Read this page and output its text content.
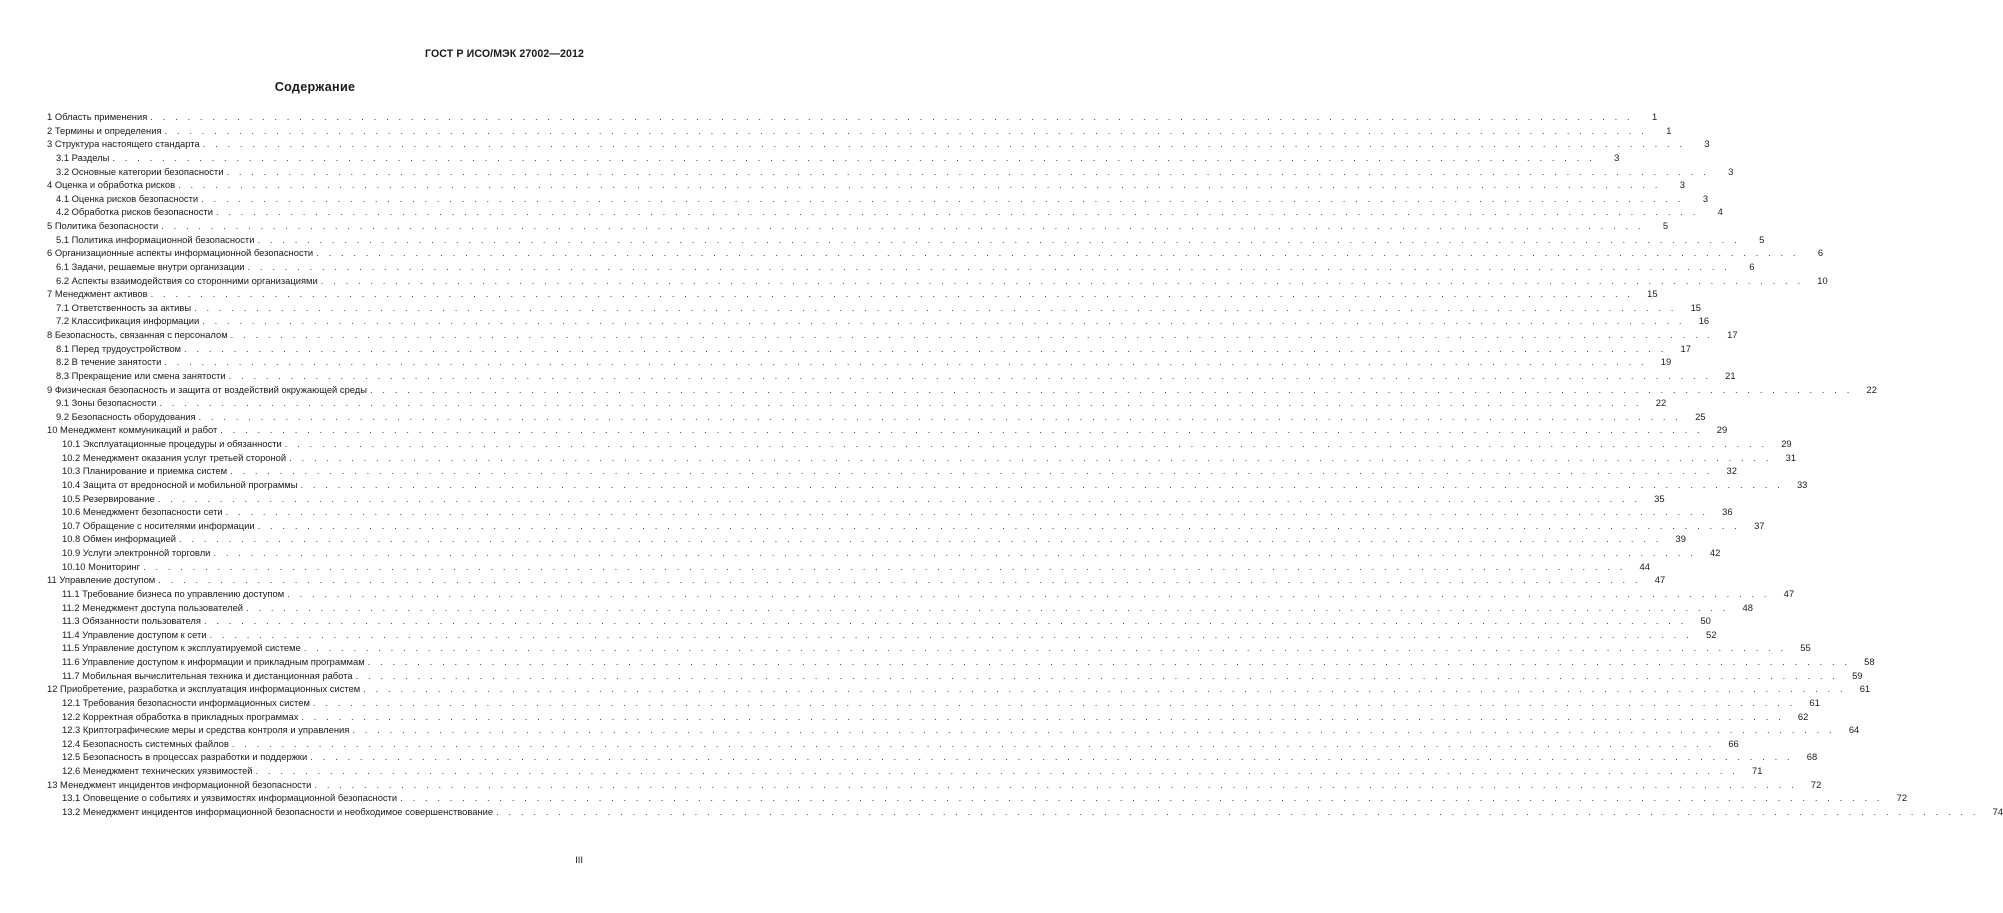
ГОСТ Р ИСО/МЭК 27002—2012
Содержание
1 Область применения . . . . . . . . . . . . . . . . . . . . . . . . . . . . . . . . . . . . . . . . . . . . . . . . . . . . . . . . . . . . . . . . . . . . . . . . . . . . . . . . . . . . . . . . . . . . . . . . . . . . . . . . . . . . . . . . . . . . . . . .	1
2 Термины и определения . . . . . . . . . . . . . . . . . . . . . . . . . . . . . . . . . . . . . . . . . . . . . . . . . . . . . . . . . . . . . . . . . . . . . . . . . . . . . . . . . . . . . . . . . . . . . . . . . . . . . . . . . . . . . . . . . . . . . . . .	1
3 Структура настоящего стандарта . . . . . . . . . . . . . . . . . . . . . . . . . . . . . . . . . . . . . . . . . . . . . . . . . . . . . . . . . . . . . . . . . . . . . . . . . . . . . . . . . . . . . . . . . . . . . . . . . . . . . . . . . . . . . . . . . . . . . . . .	3
3.1 Разделы . . . . . . . . . . . . . . . . . . . . . . . . . . . . . . . . . . . . . . . . . . . . . . . . . . . . . . . . . . . . . . . . . . . . . . . . . . . . . . . . . . . . . . . . . . . . . . . . . . . . . . . . . . . . . . . . . . . . . . . .	3
3.2 Основные категории безопасности . . . . . . . . . . . . . . . . . . . . . . . . . . . . . . . . . . . . . . . . . . . . . . . . . . . . . . . . . . . . . . . . . . . . . . . . . . . . . . . . . . . . . . . . . . . . . . . . . . . . . . . . . . . . . . . . . . . . . . . .	3
4 Оценка и обработка рисков . . . . . . . . . . . . . . . . . . . . . . . . . . . . . . . . . . . . . . . . . . . . . . . . . . . . . . . . . . . . . . . . . . . . . . . . . . . . . . . . . . . . . . . . . . . . . . . . . . . . . . . . . . . . . . . . . . . . . . . .	3
4.1 Оценка рисков безопасности . . . . . . . . . . . . . . . . . . . . . . . . . . . . . . . . . . . . . . . . . . . . . . . . . . . . . . . . . . . . . . . . . . . . . . . . . . . . . . . . . . . . . . . . . . . . . . . . . . . . . . . . . . . . . . . . . . . . . . . .	3
4.2 Обработка рисков безопасности . . . . . . . . . . . . . . . . . . . . . . . . . . . . . . . . . . . . . . . . . . . . . . . . . . . . . . . . . . . . . . . . . . . . . . . . . . . . . . . . . . . . . . . . . . . . . . . . . . . . . . . . . . . . . . . . . . . . . . . .	4
5 Политика безопасности . . . . . . . . . . . . . . . . . . . . . . . . . . . . . . . . . . . . . . . . . . . . . . . . . . . . . . . . . . . . . . . . . . . . . . . . . . . . . . . . . . . . . . . . . . . . . . . . . . . . . . . . . . . . . . . . . . . . . . . .	5
5.1 Политика информационной безопасности . . . . . . . . . . . . . . . . . . . . . . . . . . . . . . . . . . . . . . . . . . . . . . . . . . . . . . . . . . . . . . . . . . . . . . . . . . . . . . . . . . . . . . . . . . . . . . . . . . . . . . . . . . . . . . . . . . . . . . . .	5
6 Организационные аспекты информационной безопасности . . . . . . . . . . . . . . . . . . . . . . . . . . . . . . . . . . . . . . . . . . . . . . . . . . . . . . . . . . . . . . . . . . . . . . . . . . . . . . . . . . . . . . . . . . . . . . . . . . . . . . . . . . . . . . . . . . . . . . . .	6
6.1 Задачи, решаемые внутри организации . . . . . . . . . . . . . . . . . . . . . . . . . . . . . . . . . . . . . . . . . . . . . . . . . . . . . . . . . . . . . . . . . . . . . . . . . . . . . . . . . . . . . . . . . . . . . . . . . . . . . . . . . . . . . . . . . . . . . . . .	6
6.2 Аспекты взаимодействия со сторонними организациями . . . . . . . . . . . . . . . . . . . . . . . . . . . . . . . . . . . . . . . . . . . . . . . . . . . . . . . . . . . . . . . . . . . . . . . . . . . . . . . . . . . . . . . . . . . . . . . . . . . . . . . . . . . . . . . . . . . . . . . .	10
7 Менеджмент активов . . . . . . . . . . . . . . . . . . . . . . . . . . . . . . . . . . . . . . . . . . . . . . . . . . . . . . . . . . . . . . . . . . . . . . . . . . . . . . . . . . . . . . . . . . . . . . . . . . . . . . . . . . . . . . . . . . . . . . . .	15
7.1 Ответственность за активы . . . . . . . . . . . . . . . . . . . . . . . . . . . . . . . . . . . . . . . . . . . . . . . . . . . . . . . . . . . . . . . . . . . . . . . . . . . . . . . . . . . . . . . . . . . . . . . . . . . . . . . . . . . . . . . . . . . . . . . .	15
7.2 Классификация информации . . . . . . . . . . . . . . . . . . . . . . . . . . . . . . . . . . . . . . . . . . . . . . . . . . . . . . . . . . . . . . . . . . . . . . . . . . . . . . . . . . . . . . . . . . . . . . . . . . . . . . . . . . . . . . . . . . . . . . . .	16
8 Безопасность, связанная с персоналом . . . . . . . . . . . . . . . . . . . . . . . . . . . . . . . . . . . . . . . . . . . . . . . . . . . . . . . . . . . . . . . . . . . . . . . . . . . . . . . . . . . . . . . . . . . . . . . . . . . . . . . . . . . . . . . . . . . . . . . .	17
8.1 Перед трудоустройством . . . . . . . . . . . . . . . . . . . . . . . . . . . . . . . . . . . . . . . . . . . . . . . . . . . . . . . . . . . . . . . . . . . . . . . . . . . . . . . . . . . . . . . . . . . . . . . . . . . . . . . . . . . . . . . . . . . . . . . .	17
8.2 В течение занятости . . . . . . . . . . . . . . . . . . . . . . . . . . . . . . . . . . . . . . . . . . . . . . . . . . . . . . . . . . . . . . . . . . . . . . . . . . . . . . . . . . . . . . . . . . . . . . . . . . . . . . . . . . . . . . . . . . . . . . . .	19
8.3 Прекращение или смена занятости . . . . . . . . . . . . . . . . . . . . . . . . . . . . . . . . . . . . . . . . . . . . . . . . . . . . . . . . . . . . . . . . . . . . . . . . . . . . . . . . . . . . . . . . . . . . . . . . . . . . . . . . . . . . . . . . . . . . . . . .	21
9 Физическая безопасность и защита от воздействий окружающей среды . . . . . . . . . . . . . . . . . . . . . . . . . . . . . . . . . . . . . . . . . . . . . . . . . . . . . . . . . . . . . . . . . . . . . . . . . . . . . . . . . . . . . . . . . . . . . . . . . . . . . . . . . . . . . . . . . . . . . . . .	22
9.1 Зоны безопасности . . . . . . . . . . . . . . . . . . . . . . . . . . . . . . . . . . . . . . . . . . . . . . . . . . . . . . . . . . . . . . . . . . . . . . . . . . . . . . . . . . . . . . . . . . . . . . . . . . . . . . . . . . . . . . . . . . . . . . . .	22
9.2 Безопасность оборудования . . . . . . . . . . . . . . . . . . . . . . . . . . . . . . . . . . . . . . . . . . . . . . . . . . . . . . . . . . . . . . . . . . . . . . . . . . . . . . . . . . . . . . . . . . . . . . . . . . . . . . . . . . . . . . . . . . . . . . . .	25
10 Менеджмент коммуникаций и работ . . . . . . . . . . . . . . . . . . . . . . . . . . . . . . . . . . . . . . . . . . . . . . . . . . . . . . . . . . . . . . . . . . . . . . . . . . . . . . . . . . . . . . . . . . . . . . . . . . . . . . . . . . . . . . . . . . . . . . . .	29
10.1 Эксплуатационные процедуры и обязанности . . . . . . . . . . . . . . . . . . . . . . . . . . . . . . . . . . . . . . . . . . . . . . . . . . . . . . . . . . . . . . . . . . . . . . . . . . . . . . . . . . . . . . . . . . . . . . . . . . . . . . . . . . . . . . . . . . . . . . . .	29
10.2 Менеджмент оказания услуг третьей стороной . . . . . . . . . . . . . . . . . . . . . . . . . . . . . . . . . . . . . . . . . . . . . . . . . . . . . . . . . . . . . . . . . . . . . . . . . . . . . . . . . . . . . . . . . . . . . . . . . . . . . . . . . . . . . . . . . . . . . . . .	31
10.3 Планирование и приемка систем . . . . . . . . . . . . . . . . . . . . . . . . . . . . . . . . . . . . . . . . . . . . . . . . . . . . . . . . . . . . . . . . . . . . . . . . . . . . . . . . . . . . . . . . . . . . . . . . . . . . . . . . . . . . . . . . . . . . . . . .	32
10.4 Защита от вредоносной и мобильной программы . . . . . . . . . . . . . . . . . . . . . . . . . . . . . . . . . . . . . . . . . . . . . . . . . . . . . . . . . . . . . . . . . . . . . . . . . . . . . . . . . . . . . . . . . . . . . . . . . . . . . . . . . . . . . . . . . . . . . . . .	33
10.5 Резервирование . . . . . . . . . . . . . . . . . . . . . . . . . . . . . . . . . . . . . . . . . . . . . . . . . . . . . . . . . . . . . . . . . . . . . . . . . . . . . . . . . . . . . . . . . . . . . . . . . . . . . . . . . . . . . . . . . . . . . . . .	35
10.6 Менеджмент безопасности сети . . . . . . . . . . . . . . . . . . . . . . . . . . . . . . . . . . . . . . . . . . . . . . . . . . . . . . . . . . . . . . . . . . . . . . . . . . . . . . . . . . . . . . . . . . . . . . . . . . . . . . . . . . . . . . . . . . . . . . . .	36
10.7 Обращение с носителями информации . . . . . . . . . . . . . . . . . . . . . . . . . . . . . . . . . . . . . . . . . . . . . . . . . . . . . . . . . . . . . . . . . . . . . . . . . . . . . . . . . . . . . . . . . . . . . . . . . . . . . . . . . . . . . . . . . . . . . . . .	37
10.8 Обмен информацией . . . . . . . . . . . . . . . . . . . . . . . . . . . . . . . . . . . . . . . . . . . . . . . . . . . . . . . . . . . . . . . . . . . . . . . . . . . . . . . . . . . . . . . . . . . . . . . . . . . . . . . . . . . . . . . . . . . . . . . .	39
10.9 Услуги электронной торговли . . . . . . . . . . . . . . . . . . . . . . . . . . . . . . . . . . . . . . . . . . . . . . . . . . . . . . . . . . . . . . . . . . . . . . . . . . . . . . . . . . . . . . . . . . . . . . . . . . . . . . . . . . . . . . . . . . . . . . . .	42
10.10 Мониторинг . . . . . . . . . . . . . . . . . . . . . . . . . . . . . . . . . . . . . . . . . . . . . . . . . . . . . . . . . . . . . . . . . . . . . . . . . . . . . . . . . . . . . . . . . . . . . . . . . . . . . . . . . . . . . . . . . . . . . . . .	44
11 Управление доступом . . . . . . . . . . . . . . . . . . . . . . . . . . . . . . . . . . . . . . . . . . . . . . . . . . . . . . . . . . . . . . . . . . . . . . . . . . . . . . . . . . . . . . . . . . . . . . . . . . . . . . . . . . . . . . . . . . . . . . . .	47
11.1 Требование бизнеса по управлению доступом . . . . . . . . . . . . . . . . . . . . . . . . . . . . . . . . . . . . . . . . . . . . . . . . . . . . . . . . . . . . . . . . . . . . . . . . . . . . . . . . . . . . . . . . . . . . . . . . . . . . . . . . . . . . . . . . . . . . . . . .	47
11.2 Менеджмент доступа пользователей . . . . . . . . . . . . . . . . . . . . . . . . . . . . . . . . . . . . . . . . . . . . . . . . . . . . . . . . . . . . . . . . . . . . . . . . . . . . . . . . . . . . . . . . . . . . . . . . . . . . . . . . . . . . . . . . . . . . . . . .	48
11.3 Обязанности пользователя . . . . . . . . . . . . . . . . . . . . . . . . . . . . . . . . . . . . . . . . . . . . . . . . . . . . . . . . . . . . . . . . . . . . . . . . . . . . . . . . . . . . . . . . . . . . . . . . . . . . . . . . . . . . . . . . . . . . . . . .	50
11.4 Управление доступом к сети . . . . . . . . . . . . . . . . . . . . . . . . . . . . . . . . . . . . . . . . . . . . . . . . . . . . . . . . . . . . . . . . . . . . . . . . . . . . . . . . . . . . . . . . . . . . . . . . . . . . . . . . . . . . . . . . . . . . . . . .	52
11.5 Управление доступом к эксплуатируемой системе . . . . . . . . . . . . . . . . . . . . . . . . . . . . . . . . . . . . . . . . . . . . . . . . . . . . . . . . . . . . . . . . . . . . . . . . . . . . . . . . . . . . . . . . . . . . . . . . . . . . . . . . . . . . . . . . . . . . . . . .	55
11.6 Управление доступом к информации и прикладным программам . . . . . . . . . . . . . . . . . . . . . . . . . . . . . . . . . . . . . . . . . . . . . . . . . . . . . . . . . . . . . . . . . . . . . . . . . . . . . . . . . . . . . . . . . . . . . . . . . . . . . . . . . . . . . . . . . . . . . . . .	58
11.7 Мобильная вычислительная техника и дистанционная работа . . . . . . . . . . . . . . . . . . . . . . . . . . . . . . . . . . . . . . . . . . . . . . . . . . . . . . . . . . . . . . . . . . . . . . . . . . . . . . . . . . . . . . . . . . . . . . . . . . . . . . . . . . . . . . . . . . . . . . . .	59
12 Приобретение, разработка и эксплуатация информационных систем . . . . . . . . . . . . . . . . . . . . . . . . . . . . . . . . . . . . . . . . . . . . . . . . . . . . . . . . . . . . . . . . . . . . . . . . . . . . . . . . . . . . . . . . . . . . . . . . . . . . . . . . . . . . . . . . . . . . . . . .	61
12.1 Требования безопасности информационных систем . . . . . . . . . . . . . . . . . . . . . . . . . . . . . . . . . . . . . . . . . . . . . . . . . . . . . . . . . . . . . . . . . . . . . . . . . . . . . . . . . . . . . . . . . . . . . . . . . . . . . . . . . . . . . . . . . . . . . . . .	61
12.2 Корректная обработка в прикладных программах . . . . . . . . . . . . . . . . . . . . . . . . . . . . . . . . . . . . . . . . . . . . . . . . . . . . . . . . . . . . . . . . . . . . . . . . . . . . . . . . . . . . . . . . . . . . . . . . . . . . . . . . . . . . . . . . . . . . . . . .	62
12.3 Криптографические меры и средства контроля и управления . . . . . . . . . . . . . . . . . . . . . . . . . . . . . . . . . . . . . . . . . . . . . . . . . . . . . . . . . . . . . . . . . . . . . . . . . . . . . . . . . . . . . . . . . . . . . . . . . . . . . . . . . . . . . . . . . . . . . . . .	64
12.4 Безопасность системных файлов . . . . . . . . . . . . . . . . . . . . . . . . . . . . . . . . . . . . . . . . . . . . . . . . . . . . . . . . . . . . . . . . . . . . . . . . . . . . . . . . . . . . . . . . . . . . . . . . . . . . . . . . . . . . . . . . . . . . . . . .	66
12.5 Безопасность в процессах разработки и поддержки . . . . . . . . . . . . . . . . . . . . . . . . . . . . . . . . . . . . . . . . . . . . . . . . . . . . . . . . . . . . . . . . . . . . . . . . . . . . . . . . . . . . . . . . . . . . . . . . . . . . . . . . . . . . . . . . . . . . . . . .	68
12.6 Менеджмент технических уязвимостей . . . . . . . . . . . . . . . . . . . . . . . . . . . . . . . . . . . . . . . . . . . . . . . . . . . . . . . . . . . . . . . . . . . . . . . . . . . . . . . . . . . . . . . . . . . . . . . . . . . . . . . . . . . . . . . . . . . . . . . .	71
13 Менеджмент инцидентов информационной безопасности . . . . . . . . . . . . . . . . . . . . . . . . . . . . . . . . . . . . . . . . . . . . . . . . . . . . . . . . . . . . . . . . . . . . . . . . . . . . . . . . . . . . . . . . . . . . . . . . . . . . . . . . . . . . . . . . . . . . . . . .	72
13.1 Оповещение о событиях и уязвимостях информационной безопасности . . . . . . . . . . . . . . . . . . . . . . . . . . . . . . . . . . . . . . . . . . . . . . . . . . . . . . . . . . . . . . . . . . . . . . . . . . . . . . . . . . . . . . . . . . . . . . . . . . . . . . . . . . . . . . . . . . . . . . . .	72
13.2 Менеджмент инцидентов информационной безопасности и необходимое совершенствование . . . . . . . . . . . . . . . . . . . . . . . . . . . . . . . . . . . . . . . . . . . . . . . . . . . . . . . . . . . . . . . . . . . . . . . . . . . . . . . . . . . . . . . . . . . . . . . . . . . . . . . . . . . . . . . . . . . . . . . .	74
III
